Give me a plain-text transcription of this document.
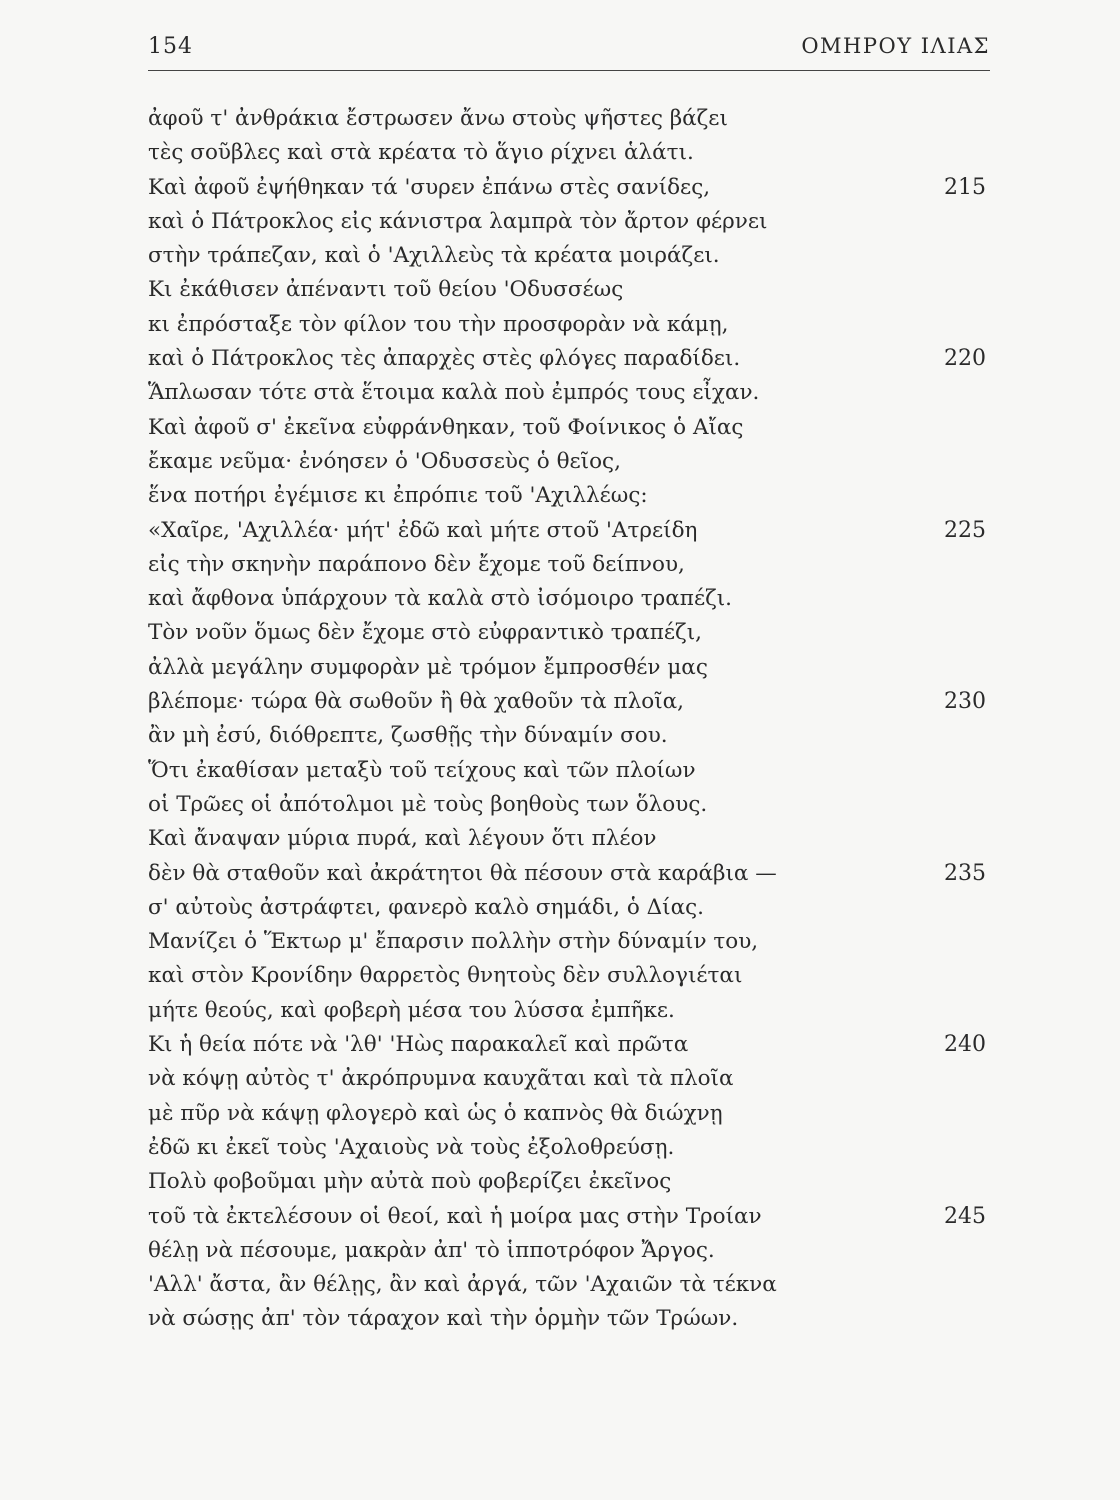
154	ΟΜΗΡΟΥ ΙΛΙΑΣ
ἀφοῦ τ' ἀνθράκια ἔστρωσεν ἄνω στοὺς ψῆστες βάζει
τὲς σοῦβλες καὶ στὰ κρέατα τὸ ἅγιο ρίχνει ἁλάτι.
Καὶ ἀφοῦ ἐψήθηκαν τά 'συρεν ἐπάνω στὲς σανίδες,	215
καὶ ὁ Πάτροκλος εἰς κάνιστρα λαμπρὰ τὸν ἄρτον φέρνει
στὴν τράπεζαν, καὶ ὁ 'Αχιλλεὺς τὰ κρέατα μοιράζει.
Κι ἐκάθισεν ἀπέναντι τοῦ θείου 'Οδυσσέως
κι ἐπρόσταξε τὸν φίλον του τὴν προσφορὰν νὰ κάμῃ,
καὶ ὁ Πάτροκλος τὲς ἀπαρχὲς στὲς φλόγες παραδίδει.	220
Ἅπλωσαν τότε στὰ ἕτοιμα καλὰ ποὺ ἐμπρός τους εἶχαν.
Καὶ ἀφοῦ σ' ἐκεῖνα εὐφράνθηκαν, τοῦ Φοίνικος ὁ Αἴας
ἔκαμε νεῦμα· ἐνόησεν ὁ 'Οδυσσεὺς ὁ θεῖος,
ἕνα ποτήρι ἐγέμισε κι ἐπρόπιε τοῦ 'Αχιλλέως:
«Χαῖρε, 'Αχιλλέα· μήτ' ἐδῶ καὶ μήτε στοῦ 'Ατρείδη	225
εἰς τὴν σκηνὴν παράπονο δὲν ἔχομε τοῦ δείπνου,
καὶ ἄφθονα ὑπάρχουν τὰ καλὰ στὸ ἰσόμοιρο τραπέζι.
Τὸν νοῦν ὅμως δὲν ἔχομε στὸ εὐφραντικὸ τραπέζι,
ἀλλὰ μεγάλην συμφορὰν μὲ τρόμον ἔμπροσθέν μας
βλέπομε· τώρα θὰ σωθοῦν ἢ θὰ χαθοῦν τὰ πλοῖα,	230
ἂν μὴ ἐσύ, διόθρεπτε, ζωσθῇς τὴν δύναμίν σου.
Ὅτι ἐκαθίσαν μεταξὺ τοῦ τείχους καὶ τῶν πλοίων
οἱ Τρῶες οἱ ἀπότολμοι μὲ τοὺς βοηθοὺς των ὅλους.
Καὶ ἄναψαν μύρια πυρά, καὶ λέγουν ὅτι πλέον
δὲν θὰ σταθοῦν καὶ ἀκράτητοι θὰ πέσουν στὰ καράβια —	235
σ' αὐτοὺς ἀστράφτει, φανερὸ καλὸ σημάδι, ὁ Δίας.
Μανίζει ὁ Ἕκτωρ μ' ἔπαρσιν πολλὴν στὴν δύναμίν του,
καὶ στὸν Κρονίδην θαρρετὸς θνητοὺς δὲν συλλογιέται
μήτε θεούς, καὶ φοβερὴ μέσα του λύσσα ἐμπῆκε.
Κι ἡ θεία πότε νὰ 'λθ' 'Ηὼς παρακαλεῖ καὶ πρῶτα	240
νὰ κόψῃ αὐτὸς τ' ἀκρόπρυμνα καυχᾶται καὶ τὰ πλοῖα
μὲ πῦρ νὰ κάψῃ φλογερὸ καὶ ὡς ὁ καπνὸς θὰ διώχνῃ
ἐδῶ κι ἐκεῖ τοὺς 'Αχαιοὺς νὰ τοὺς ἐξολοθρεύσῃ.
Πολὺ φοβοῦμαι μὴν αὐτὰ ποὺ φοβερίζει ἐκεῖνος
τοῦ τὰ ἐκτελέσουν οἱ θεοί, καὶ ἡ μοίρα μας στὴν Τροίαν	245
θέλῃ νὰ πέσουμε, μακρὰν ἀπ' τὸ ἱπποτρόφον Ἄργος.
'Αλλ' ἄστα, ἂν θέλῃς, ἂν καὶ ἀργά, τῶν 'Αχαιῶν τὰ τέκνα
νὰ σώσῃς ἀπ' τὸν τάραχον καὶ τὴν ὁρμὴν τῶν Τρώων.
